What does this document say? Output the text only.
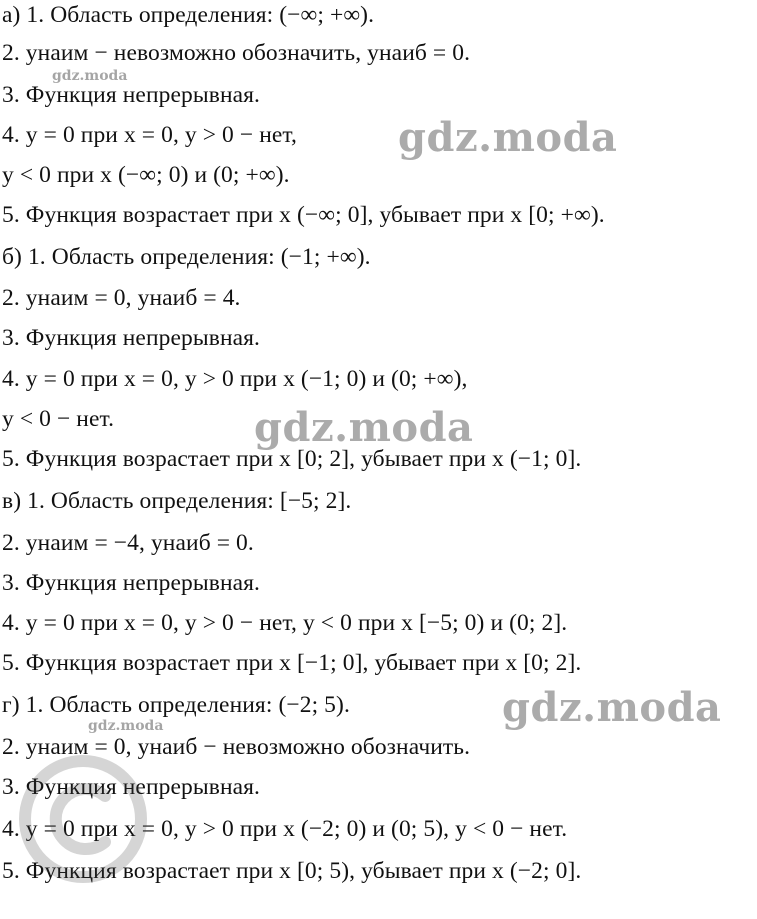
а) 1. Область определения: (−∞; +∞).
2. yнаим − невозможно обозначить, yнаиб = 0.
3. Функция непрерывная.
4. y = 0 при x = 0, y > 0 − нет,
y < 0 при x (−∞; 0) и (0; +∞).
5. Функция возрастает при x (−∞; 0], убывает при x [0; +∞).
б) 1. Область определения: (−1; +∞).
2. yнаим = 0, yнаиб = 4.
3. Функция непрерывная.
4. y = 0 при x = 0, y > 0 при x (−1; 0) и (0; +∞),
y < 0 − нет.
5. Функция возрастает при x [0; 2], убывает при x (−1; 0].
в) 1. Область определения: [−5; 2].
2. yнаим = −4, yнаиб = 0.
3. Функция непрерывная.
4. y = 0 при x = 0, y > 0 − нет, y < 0 при x [−5; 0) и (0; 2].
5. Функция возрастает при x [−1; 0], убывает при x [0; 2].
г) 1. Область определения: (−2; 5).
2. yнаим = 0, yнаиб − невозможно обозначить.
3. Функция непрерывная.
4. y = 0 при x = 0, y > 0 при x (−2; 0) и (0; 5), y < 0 − нет.
5. Функция возрастает при x [0; 5), убывает при x (−2; 0].
gdz.moda
gdz.moda
gdz.moda
gdz.moda
gdz.moda
